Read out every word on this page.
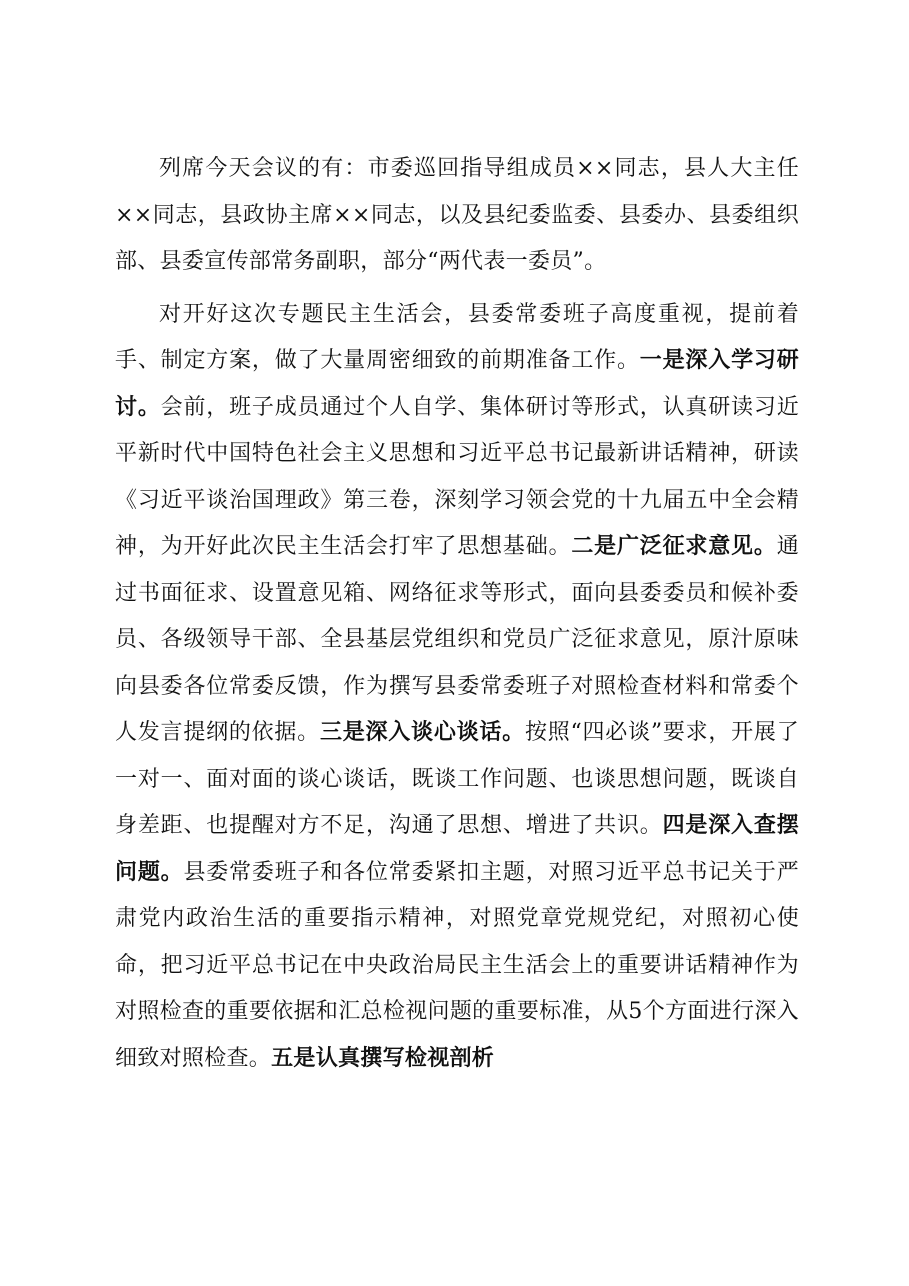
列席今天会议的有：市委巡回指导组成员××同志，县人大主任××同志，县政协主席××同志，以及县纪委监委、县委办、县委组织部、县委宣传部常务副职，部分“两代表一委员”。

对开好这次专题民主生活会，县委常委班子高度重视，提前着手、制定方案，做了大量周密细致的前期准备工作。一是深入学习研讨。会前，班子成员通过个人自学、集体研讨等形式，认真研读习近平新时代中国特色社会主义思想和习近平总书记最新讲话精神，研读《习近平谈治国理政》第三卷，深刻学习领会党的十九届五中全会精神，为开好此次民主生活会打牢了思想基础。二是广泛征求意见。通过书面征求、设置意见箱、网络征求等形式，面向县委委员和候补委员、各级领导干部、全县基层党组织和党员广泛征求意见，原汁原味向县委各位常委反馈，作为撰写县委常委班子对照检查材料和常委个人发言提纲的依据。三是深入谈心谈话。按照“四必谈”要求，开展了一对一、面对面的谈心谈话，既谈工作问题、也谈思想问题，既谈自身差距、也提醒对方不足，沟通了思想、增进了共识。四是深入查摆问题。县委常委班子和各位常委紧扣主题，对照习近平总书记关于严肃党内政治生活的重要指示精神，对照党章党规党纪，对照初心使命，把习近平总书记在中央政治局民主生活会上的重要讲话精神作为对照检查的重要依据和汇总检视问题的重要标准，从5个方面进行深入细致对照检查。五是认真撰写检视剖析
